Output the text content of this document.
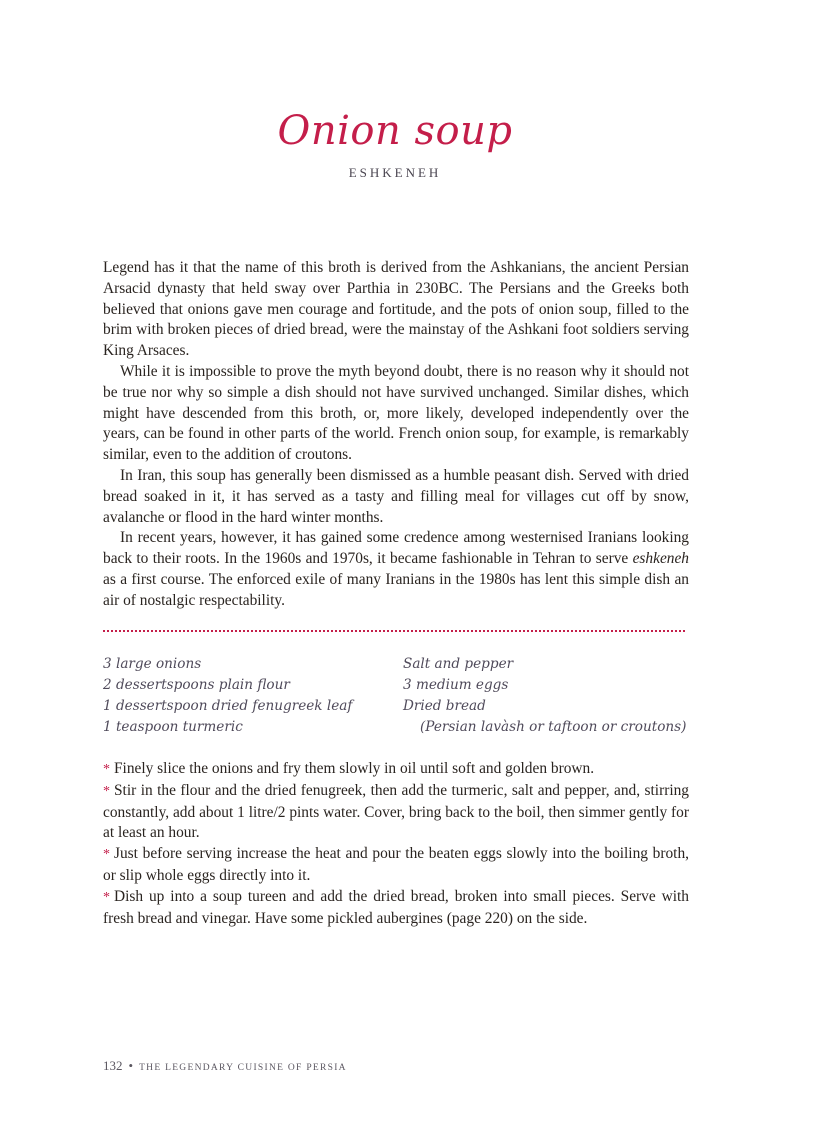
Onion soup
ESHKENEH

Legend has it that the name of this broth is derived from the Ashkanians, the ancient Persian Arsacid dynasty that held sway over Parthia in 230BC. The Persians and the Greeks both believed that onions gave men courage and fortitude, and the pots of onion soup, filled to the brim with broken pieces of dried bread, were the mainstay of the Ashkani foot soldiers serving King Arsaces.

While it is impossible to prove the myth beyond doubt, there is no reason why it should not be true nor why so simple a dish should not have survived unchanged. Similar dishes, which might have descended from this broth, or, more likely, developed independently over the years, can be found in other parts of the world. French onion soup, for example, is remarkably similar, even to the addition of croutons.

In Iran, this soup has generally been dismissed as a humble peasant dish. Served with dried bread soaked in it, it has served as a tasty and filling meal for villages cut off by snow, avalanche or flood in the hard winter months.

In recent years, however, it has gained some credence among westernised Iranians looking back to their roots. In the 1960s and 1970s, it became fashionable in Tehran to serve eshkeneh as a first course. The enforced exile of many Iranians in the 1980s has lent this simple dish an air of nostalgic respectability.

3 large onions
2 dessertspoons plain flour
1 dessertspoon dried fenugreek leaf
1 teaspoon turmeric
Salt and pepper
3 medium eggs
Dried bread
(Persian lavàsh or taftoon or croutons)

* Finely slice the onions and fry them slowly in oil until soft and golden brown.

* Stir in the flour and the dried fenugreek, then add the turmeric, salt and pepper, and, stirring constantly, add about 1 litre/2 pints water. Cover, bring back to the boil, then simmer gently for at least an hour.

* Just before serving increase the heat and pour the beaten eggs slowly into the boiling broth, or slip whole eggs directly into it.

* Dish up into a soup tureen and add the dried bread, broken into small pieces. Serve with fresh bread and vinegar. Have some pickled aubergines (page 220) on the side.

132 • THE LEGENDARY CUISINE OF PERSIA
